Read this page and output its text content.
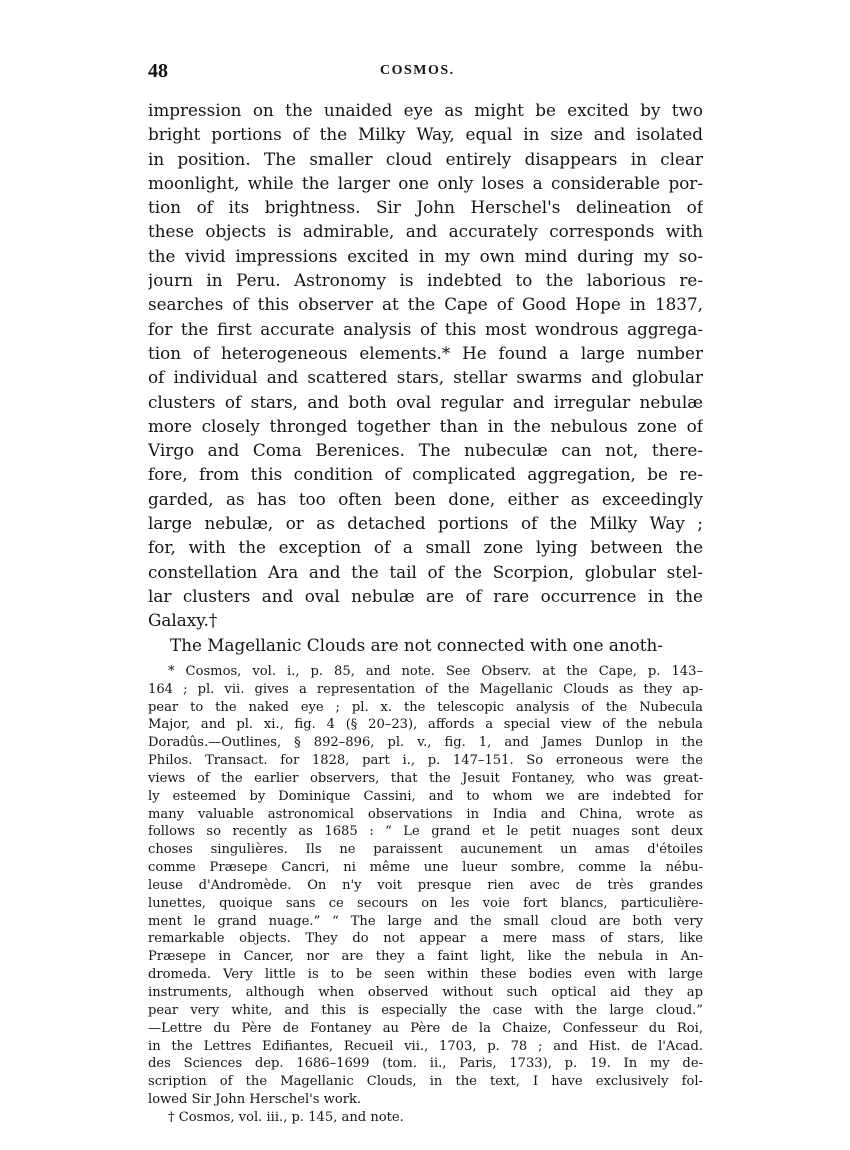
48	COSMOS.
impression on the unaided eye as might be excited by two
bright portions of the Milky Way, equal in size and isolated
in position. The smaller cloud entirely disappears in clear
moonlight, while the larger one only loses a considerable por-
tion of its brightness. Sir John Herschel's delineation of
these objects is admirable, and accurately corresponds with
the vivid impressions excited in my own mind during my so-
journ in Peru. Astronomy is indebted to the laborious re-
searches of this observer at the Cape of Good Hope in 1837,
for the first accurate analysis of this most wondrous aggrega-
tion of heterogeneous elements.* He found a large number
of individual and scattered stars, stellar swarms and globular
clusters of stars, and both oval regular and irregular nebulæ
more closely thronged together than in the nebulous zone of
Virgo and Coma Berenices. The nubeculæ can not, there-
fore, from this condition of complicated aggregation, be re-
garded, as has too often been done, either as exceedingly
large nebulæ, or as detached portions of the Milky Way ;
for, with the exception of a small zone lying between the
constellation Ara and the tail of the Scorpion, globular stel-
lar clusters and oval nebulæ are of rare occurrence in the
Galaxy.†
The Magellanic Clouds are not connected with one anoth-
* Cosmos, vol. i., p. 85, and note. See Observ. at the Cape, p. 143–
164 ; pl. vii. gives a representation of the Magellanic Clouds as they ap-
pear to the naked eye ; pl. x. the telescopic analysis of the Nubecula
Major, and pl. xi., fig. 4 (§ 20–23), affords a special view of the nebula
Doradûs.—Outlines, § 892–896, pl. v., fig. 1, and James Dunlop in the
Philos. Transact. for 1828, part i., p. 147–151. So erroneous were the
views of the earlier observers, that the Jesuit Fontaney, who was great-
ly esteemed by Dominique Cassini, and to whom we are indebted for
many valuable astronomical observations in India and China, wrote as
follows so recently as 1685 : “ Le grand et le petit nuages sont deux
choses singulières. Ils ne paraissent aucunement un amas d'étoiles
comme Præsepe Cancri, ni même une lueur sombre, comme la nébu-
leuse d'Andromède. On n'y voit presque rien avec de très grandes
lunettes, quoique sans ce secours on les voie fort blancs, particulière-
ment le grand nuage.” “ The large and the small cloud are both very
remarkable objects. They do not appear a mere mass of stars, like
Præsepe in Cancer, nor are they a faint light, like the nebula in An-
dromeda. Very little is to be seen within these bodies even with large
instruments, although when observed without such optical aid they ap
pear very white, and this is especially the case with the large cloud.”
—Lettre du Père de Fontaney au Père de la Chaize, Confesseur du Roi,
in the Lettres Edifiantes, Recueil vii., 1703, p. 78 ; and Hist. de l'Acad.
des Sciences dep. 1686–1699 (tom. ii., Paris, 1733), p. 19. In my de-
scription of the Magellanic Clouds, in the text, I have exclusively fol-
lowed Sir John Herschel's work.
† Cosmos, vol. iii., p. 145, and note.
